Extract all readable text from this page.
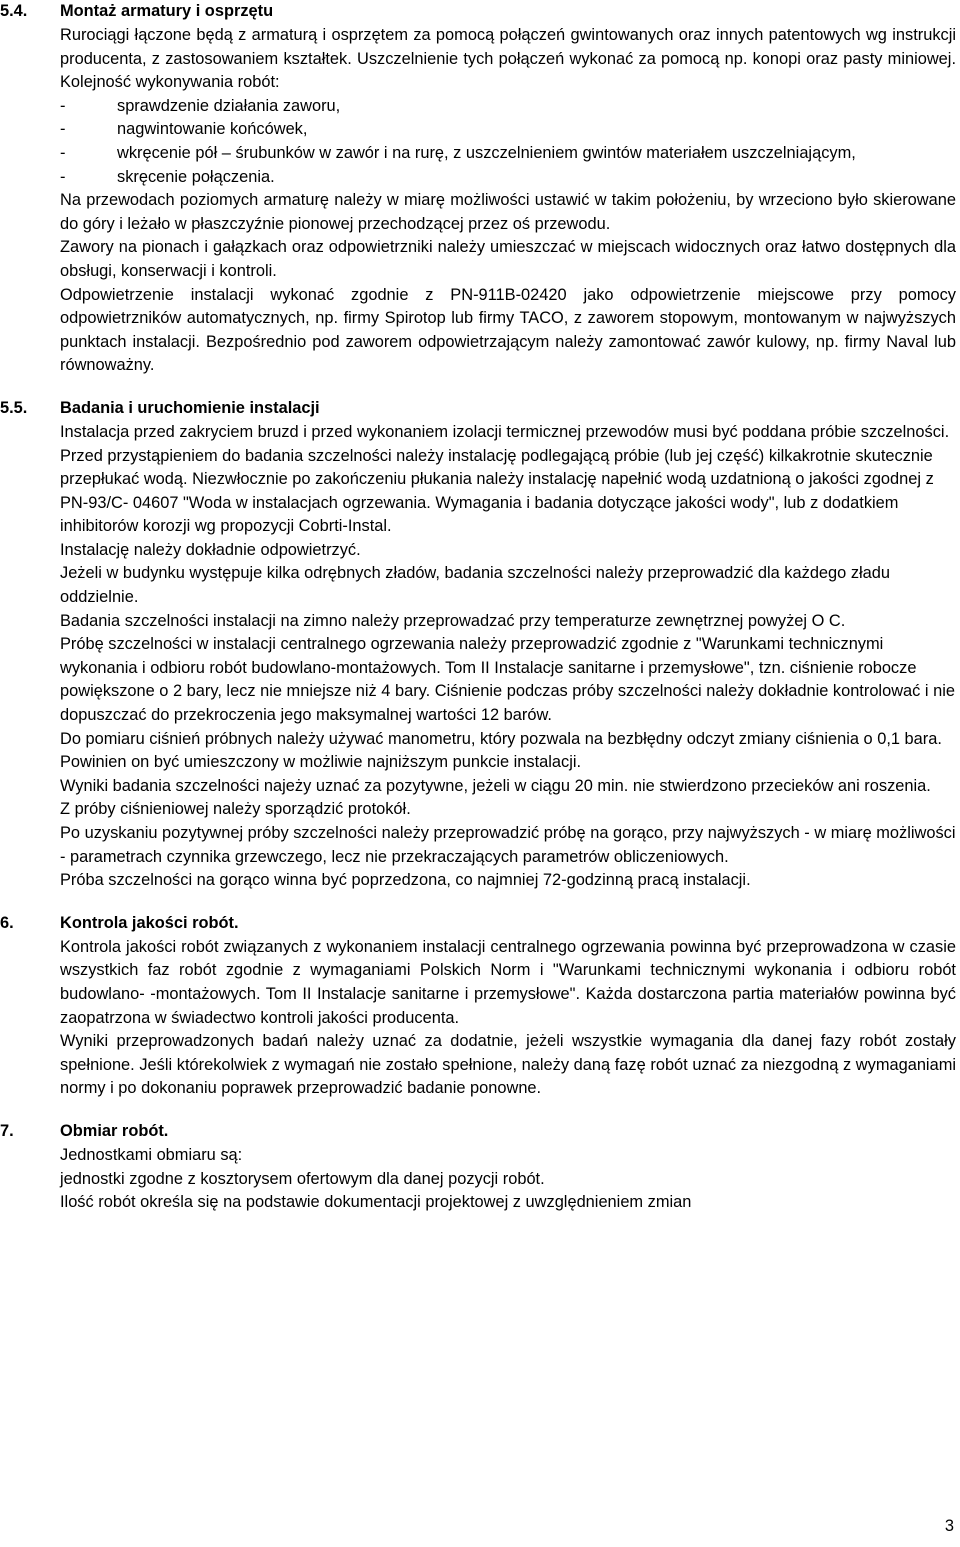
5.4. Montaż armatury i osprzętu
Rurociągi łączone będą z armaturą i osprzętem za pomocą połączeń gwintowanych oraz innych patentowych wg instrukcji producenta, z zastosowaniem kształtek. Uszczelnienie tych połączeń wykonać za pomocą np. konopi oraz pasty miniowej. Kolejność wykonywania robót:
-	sprawdzenie działania zaworu,
-	nagwintowanie końcówek,
-	wkręcenie pół – śrubunków w zawór i na rurę, z uszczelnieniem gwintów materiałem uszczelniającym,
-	skręcenie połączenia.
Na przewodach poziomych armaturę należy w miarę możliwości ustawić w takim położeniu, by wrzeciono było skierowane do góry i leżało w płaszczyźnie pionowej przechodzącej przez oś przewodu.
Zawory na pionach i gałązkach oraz odpowietrzniki należy umieszczać w miejscach widocznych oraz łatwo dostępnych dla obsługi, konserwacji i kontroli.
Odpowietrzenie instalacji wykonać zgodnie z PN-911B-02420 jako odpowietrzenie miejscowe przy pomocy odpowietrzników automatycznych, np. firmy Spirotop lub firmy TACO, z zaworem stopowym, montowanym w najwyższych punktach instalacji. Bezpośrednio pod zaworem odpowietrzającym należy zamontować zawór kulowy, np. firmy Naval lub równoważny.
5.5. Badania i uruchomienie instalacji
Instalacja przed zakryciem bruzd i przed wykonaniem izolacji termicznej przewodów musi być poddana próbie szczelności.
Przed przystąpieniem do badania szczelności należy instalację podlegającą próbie (lub jej część) kilkakrotnie skutecznie przepłukać wodą. Niezwłocznie po zakończeniu płukania należy instalację napełnić wodą uzdatnioną o jakości zgodnej z PN-93/C- 04607 "Woda w instalacjach ogrzewania. Wymagania i badania dotyczące jakości wody", lub z dodatkiem inhibitorów korozji wg propozycji Cobrti-Instal.
Instalację należy dokładnie odpowietrzyć.
Jeżeli w budynku występuje kilka odrębnych zładów, badania szczelności należy przeprowadzić dla każdego zładu oddzielnie.
Badania szczelności instalacji na zimno należy przeprowadzać przy temperaturze zewnętrznej powyżej O C.
Próbę szczelności w instalacji centralnego ogrzewania należy przeprowadzić zgodnie z "Warunkami technicznymi wykonania i odbioru robót budowlano-montażowych. Tom II Instalacje sanitarne i przemysłowe", tzn. ciśnienie robocze powiększone o 2 bary, lecz nie mniejsze niż 4 bary. Ciśnienie podczas próby szczelności należy dokładnie kontrolować i nie dopuszczać do przekroczenia jego maksymalnej wartości 12 barów.
Do pomiaru ciśnień próbnych należy używać manometru, który pozwala na bezbłędny odczyt zmiany ciśnienia o 0,1 bara. Powinien on być umieszczony w możliwie najniższym punkcie instalacji.
Wyniki badania szczelności najeży uznać za pozytywne, jeżeli w ciągu 20 min. nie stwierdzono przecieków ani roszenia.
Z próby ciśnieniowej należy sporządzić protokół.
Po uzyskaniu pozytywnej próby szczelności należy przeprowadzić próbę na gorąco, przy najwyższych - w miarę możliwości - parametrach czynnika grzewczego, lecz nie przekraczających parametrów obliczeniowych.
Próba szczelności na gorąco winna być poprzedzona, co najmniej 72-godzinną pracą instalacji.
6.	Kontrola jakości robót.
Kontrola jakości robót związanych z wykonaniem instalacji centralnego ogrzewania powinna być przeprowadzona w czasie wszystkich faz robót zgodnie z wymaganiami Polskich Norm i "Warunkami technicznymi wykonania i odbioru robót budowlano- -montażowych. Tom II Instalacje sanitarne i przemysłowe". Każda dostarczona partia materiałów powinna być zaopatrzona w świadectwo kontroli jakości producenta.
Wyniki przeprowadzonych badań należy uznać za dodatnie, jeżeli wszystkie wymagania dla danej fazy robót zostały spełnione. Jeśli którekolwiek z wymagań nie zostało spełnione, należy daną fazę robót uznać za niezgodną z wymaganiami normy i po dokonaniu poprawek przeprowadzić badanie ponowne.
7.	Obmiar robót.
Jednostkami obmiaru są:
jednostki zgodne z kosztorysem ofertowym dla danej pozycji robót.
Ilość robót określa się na podstawie dokumentacji projektowej z uwzględnieniem zmian
3
